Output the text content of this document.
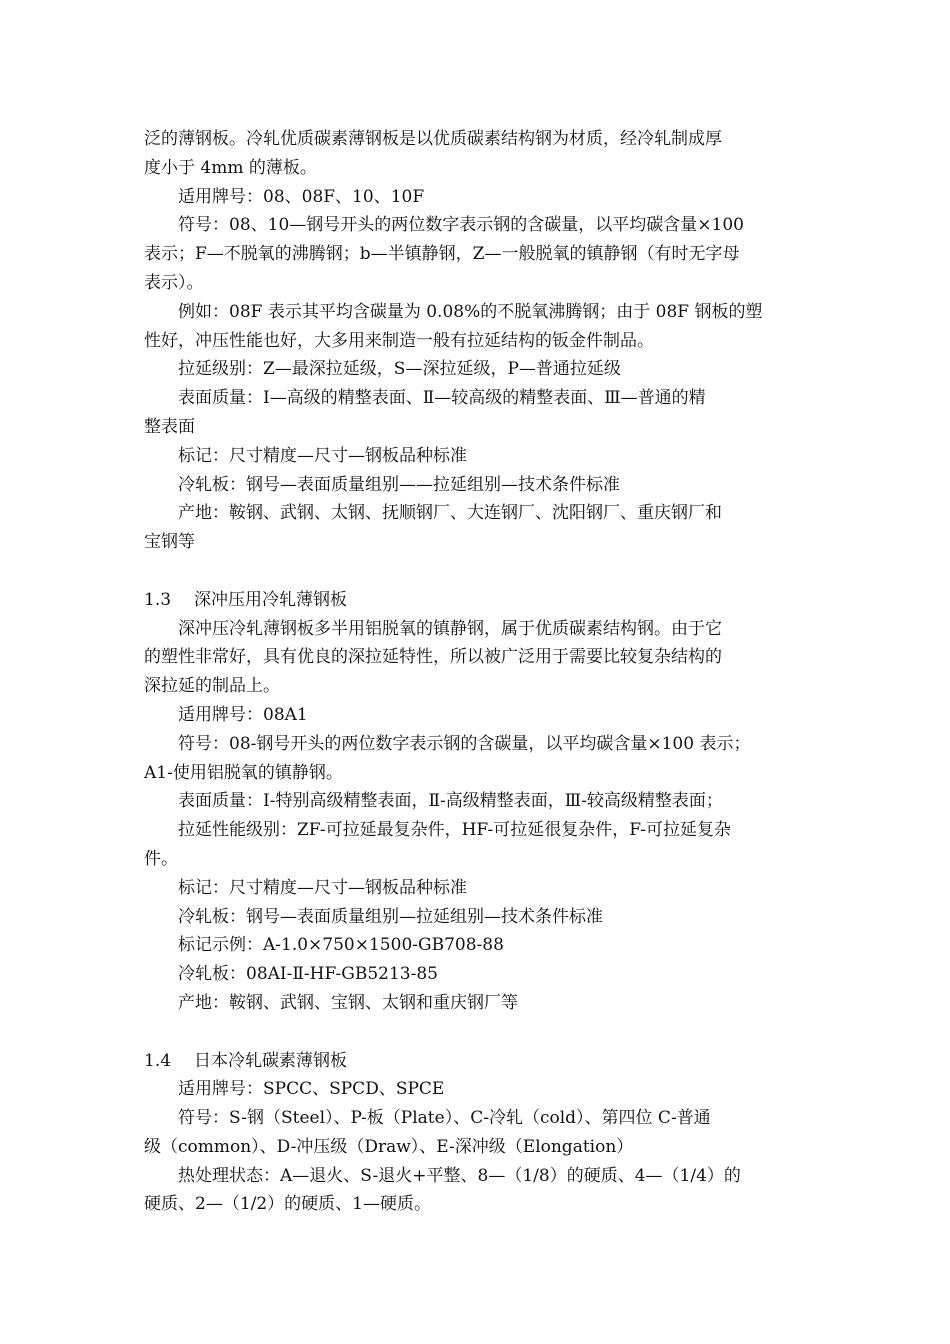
泛的薄钢板。冷轧优质碳素薄钢板是以优质碳素结构钢为材质，经冷轧制成厚
度小于 4mm 的薄板。
适用牌号：08、08F、10、10F
符号：08、10—钢号开头的两位数字表示钢的含碳量，以平均碳含量×100
表示；F—不脱氧的沸腾钢；b—半镇静钢，Z—一般脱氧的镇静钢（有时无字母
表示）。
例如：08F 表示其平均含碳量为 0.08%的不脱氧沸腾钢；由于 08F 钢板的塑
性好，冲压性能也好，大多用来制造一般有拉延结构的钣金件制品。
拉延级别：Z—最深拉延级，S—深拉延级，P—普通拉延级
表面质量：Ⅰ—高级的精整表面、Ⅱ—较高级的精整表面、Ⅲ—普通的精
整表面
标记：尺寸精度—尺寸—钢板品种标准
冷轧板：钢号—表面质量组别——拉延组别—技术条件标准
产地：鞍钢、武钢、太钢、抚顺钢厂、大连钢厂、沈阳钢厂、重庆钢厂和
宝钢等
1.3 深冲压用冷轧薄钢板
深冲压冷轧薄钢板多半用铝脱氧的镇静钢，属于优质碳素结构钢。由于它
的塑性非常好，具有优良的深拉延特性，所以被广泛用于需要比较复杂结构的
深拉延的制品上。
适用牌号：08A1
符号：08-钢号开头的两位数字表示钢的含碳量，以平均碳含量×100 表示；
A1-使用铝脱氧的镇静钢。
表面质量：Ⅰ-特别高级精整表面，Ⅱ-高级精整表面，Ⅲ-较高级精整表面；
拉延性能级别：ZF-可拉延最复杂件，HF-可拉延很复杂件，F-可拉延复杂
件。
标记：尺寸精度—尺寸—钢板品种标准
冷轧板：钢号—表面质量组别—拉延组别—技术条件标准
标记示例：A-1.0×750×1500-GB708-88
冷轧板：08AⅠ-Ⅱ-HF-GB5213-85
产地：鞍钢、武钢、宝钢、太钢和重庆钢厂等
1.4 日本冷轧碳素薄钢板
适用牌号：SPCC、SPCD、SPCE
符号：S-钢（Steel）、P-板（Plate）、C-冷轧（cold）、第四位 C-普通
级（common）、D-冲压级（Draw）、E-深冲级（Elongation）
热处理状态：A—退火、S-退火+平整、8—（1/8）的硬质、4—（1/4）的
硬质、2—（1/2）的硬质、1—硬质。
